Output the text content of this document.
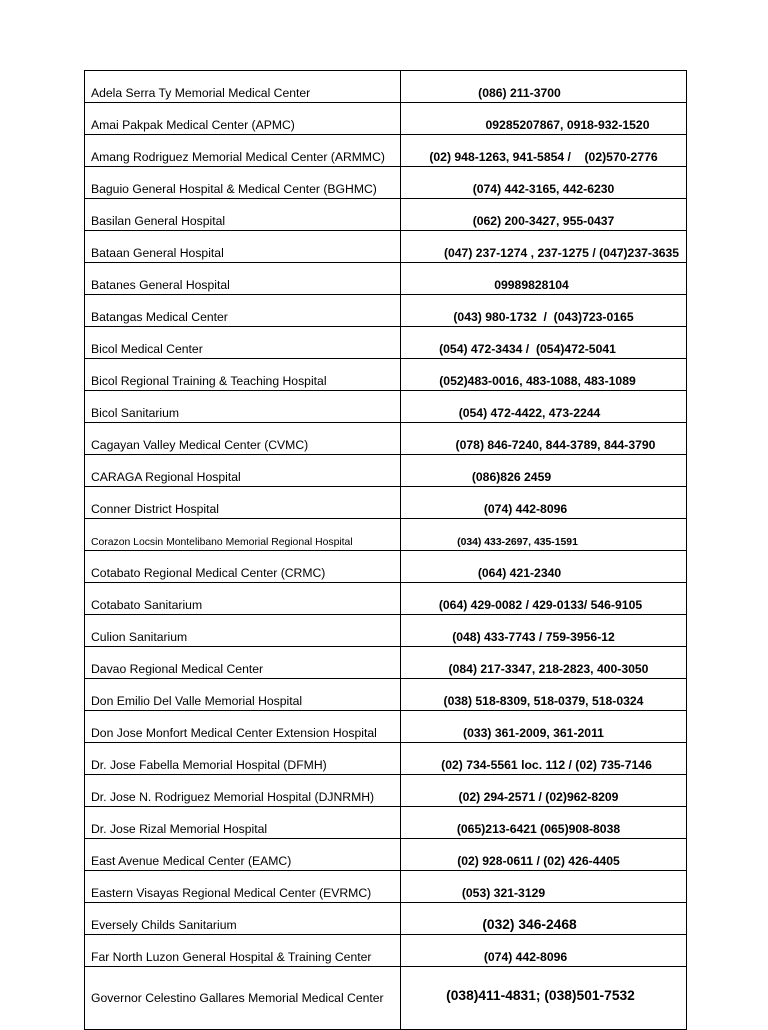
Adela Serra Ty Memorial Medical Center	(086) 211-3700
Amai Pakpak Medical Center (APMC)	09285207867, 0918-932-1520
Amang Rodriguez Memorial Medical Center (ARMMC)	(02) 948-1263, 941-5854 /    (02)570-2776
Baguio General Hospital & Medical Center (BGHMC)	(074) 442-3165, 442-6230
Basilan General Hospital	(062) 200-3427, 955-0437
Bataan General Hospital	(047) 237-1274 , 237-1275 / (047)237-3635
Batanes General Hospital	09989828104
Batangas Medical Center	(043) 980-1732  /  (043)723-0165
Bicol Medical Center	(054) 472-3434 /  (054)472-5041
Bicol Regional Training & Teaching Hospital	(052)483-0016, 483-1088, 483-1089
Bicol Sanitarium	(054) 472-4422, 473-2244
Cagayan Valley Medical Center (CVMC)	(078) 846-7240, 844-3789, 844-3790
CARAGA Regional Hospital	(086)826 2459
Conner District Hospital	(074) 442-8096
Corazon Locsin Montelibano Memorial Regional Hospital	(034) 433-2697, 435-1591
Cotabato Regional Medical Center (CRMC)	(064) 421-2340
Cotabato Sanitarium	(064) 429-0082 / 429-0133/ 546-9105
Culion Sanitarium	(048) 433-7743 / 759-3956-12
Davao Regional Medical Center	(084) 217-3347, 218-2823, 400-3050
Don Emilio Del Valle Memorial Hospital	(038) 518-8309, 518-0379, 518-0324
Don Jose Monfort Medical Center Extension Hospital	(033) 361-2009, 361-2011
Dr. Jose Fabella Memorial Hospital (DFMH)	(02) 734-5561 loc. 112 / (02) 735-7146
Dr. Jose N. Rodriguez Memorial Hospital (DJNRMH)	(02) 294-2571 / (02)962-8209
Dr. Jose Rizal Memorial Hospital	(065)213-6421 (065)908-8038
East Avenue Medical Center (EAMC)	(02) 928-0611 / (02) 426-4405
Eastern Visayas Regional Medical Center (EVRMC)	(053) 321-3129
Eversely Childs Sanitarium	(032) 346-2468
Far North Luzon General Hospital & Training Center	(074) 442-8096
Governor Celestino Gallares Memorial Medical Center	(038)411-4831; (038)501-7532
